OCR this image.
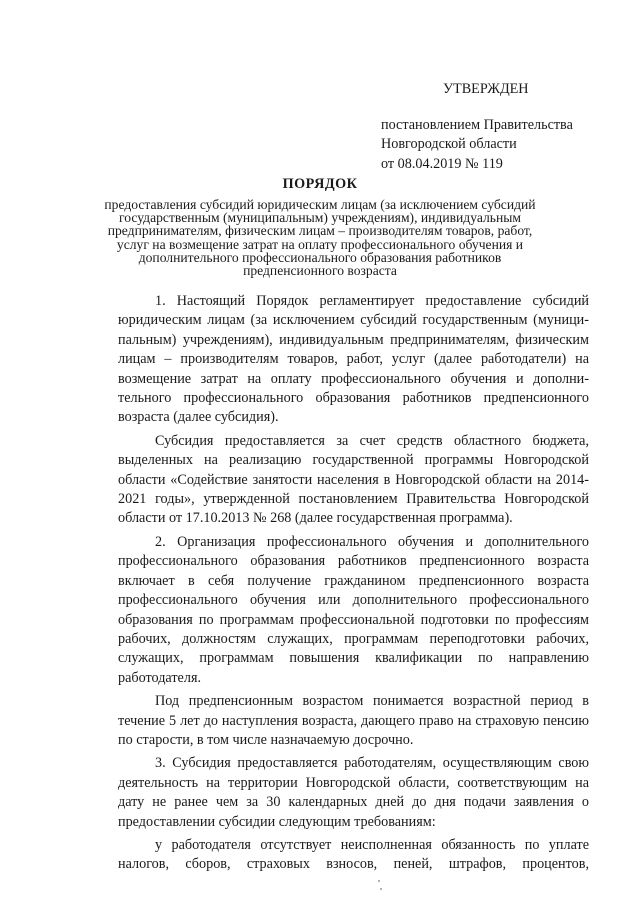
УТВЕРЖДЕН
постановлением Правительства
Новгородской области
от 08.04.2019 № 119
ПОРЯДОК
предоставления субсидий юридическим лицам (за исключением субсидий
государственным (муниципальным) учреждениям), индивидуальным
предпринимателям, физическим лицам – производителям товаров, работ,
услуг на возмещение затрат на оплату профессионального обучения и
дополнительного профессионального образования работников
предпенсионного возраста
1. Настоящий Порядок регламентирует предоставление субсидий
юридическим лицам (за исключением субсидий государственным (муници-
пальным) учреждениям), индивидуальным предпринимателям, физическим
лицам – производителям товаров, работ, услуг (далее работодатели) на
возмещение затрат на оплату профессионального обучения и дополни-
тельного профессионального образования работников предпенсионного
возраста (далее субсидия).
Субсидия предоставляется за счет средств областного бюджета,
выделенных на реализацию государственной программы Новгородской
области «Содействие занятости населения в Новгородской области на 2014-
2021 годы», утвержденной постановлением Правительства Новгородской
области от 17.10.2013 № 268 (далее государственная программа).
2. Организация профессионального обучения и дополнительного
профессионального образования работников предпенсионного возраста
включает в себя получение гражданином предпенсионного возраста
профессионального обучения или дополнительного профессионального
образования по программам профессиональной подготовки по профессиям
рабочих, должностям служащих, программам переподготовки рабочих,
служащих, программам повышения квалификации по направлению
работодателя.
Под предпенсионным возрастом понимается возрастной период в
течение 5 лет до наступления возраста, дающего право на страховую пенсию
по старости, в том числе назначаемую досрочно.
3. Субсидия предоставляется работодателям, осуществляющим свою
деятельность на территории Новгородской области, соответствующим на
дату не ранее чем за 30 календарных дней до дня подачи заявления о
предоставлении субсидии следующим требованиям:
у работодателя отсутствует неисполненная обязанность по уплате
налогов, сборов, страховых взносов, пеней, штрафов, процентов,
